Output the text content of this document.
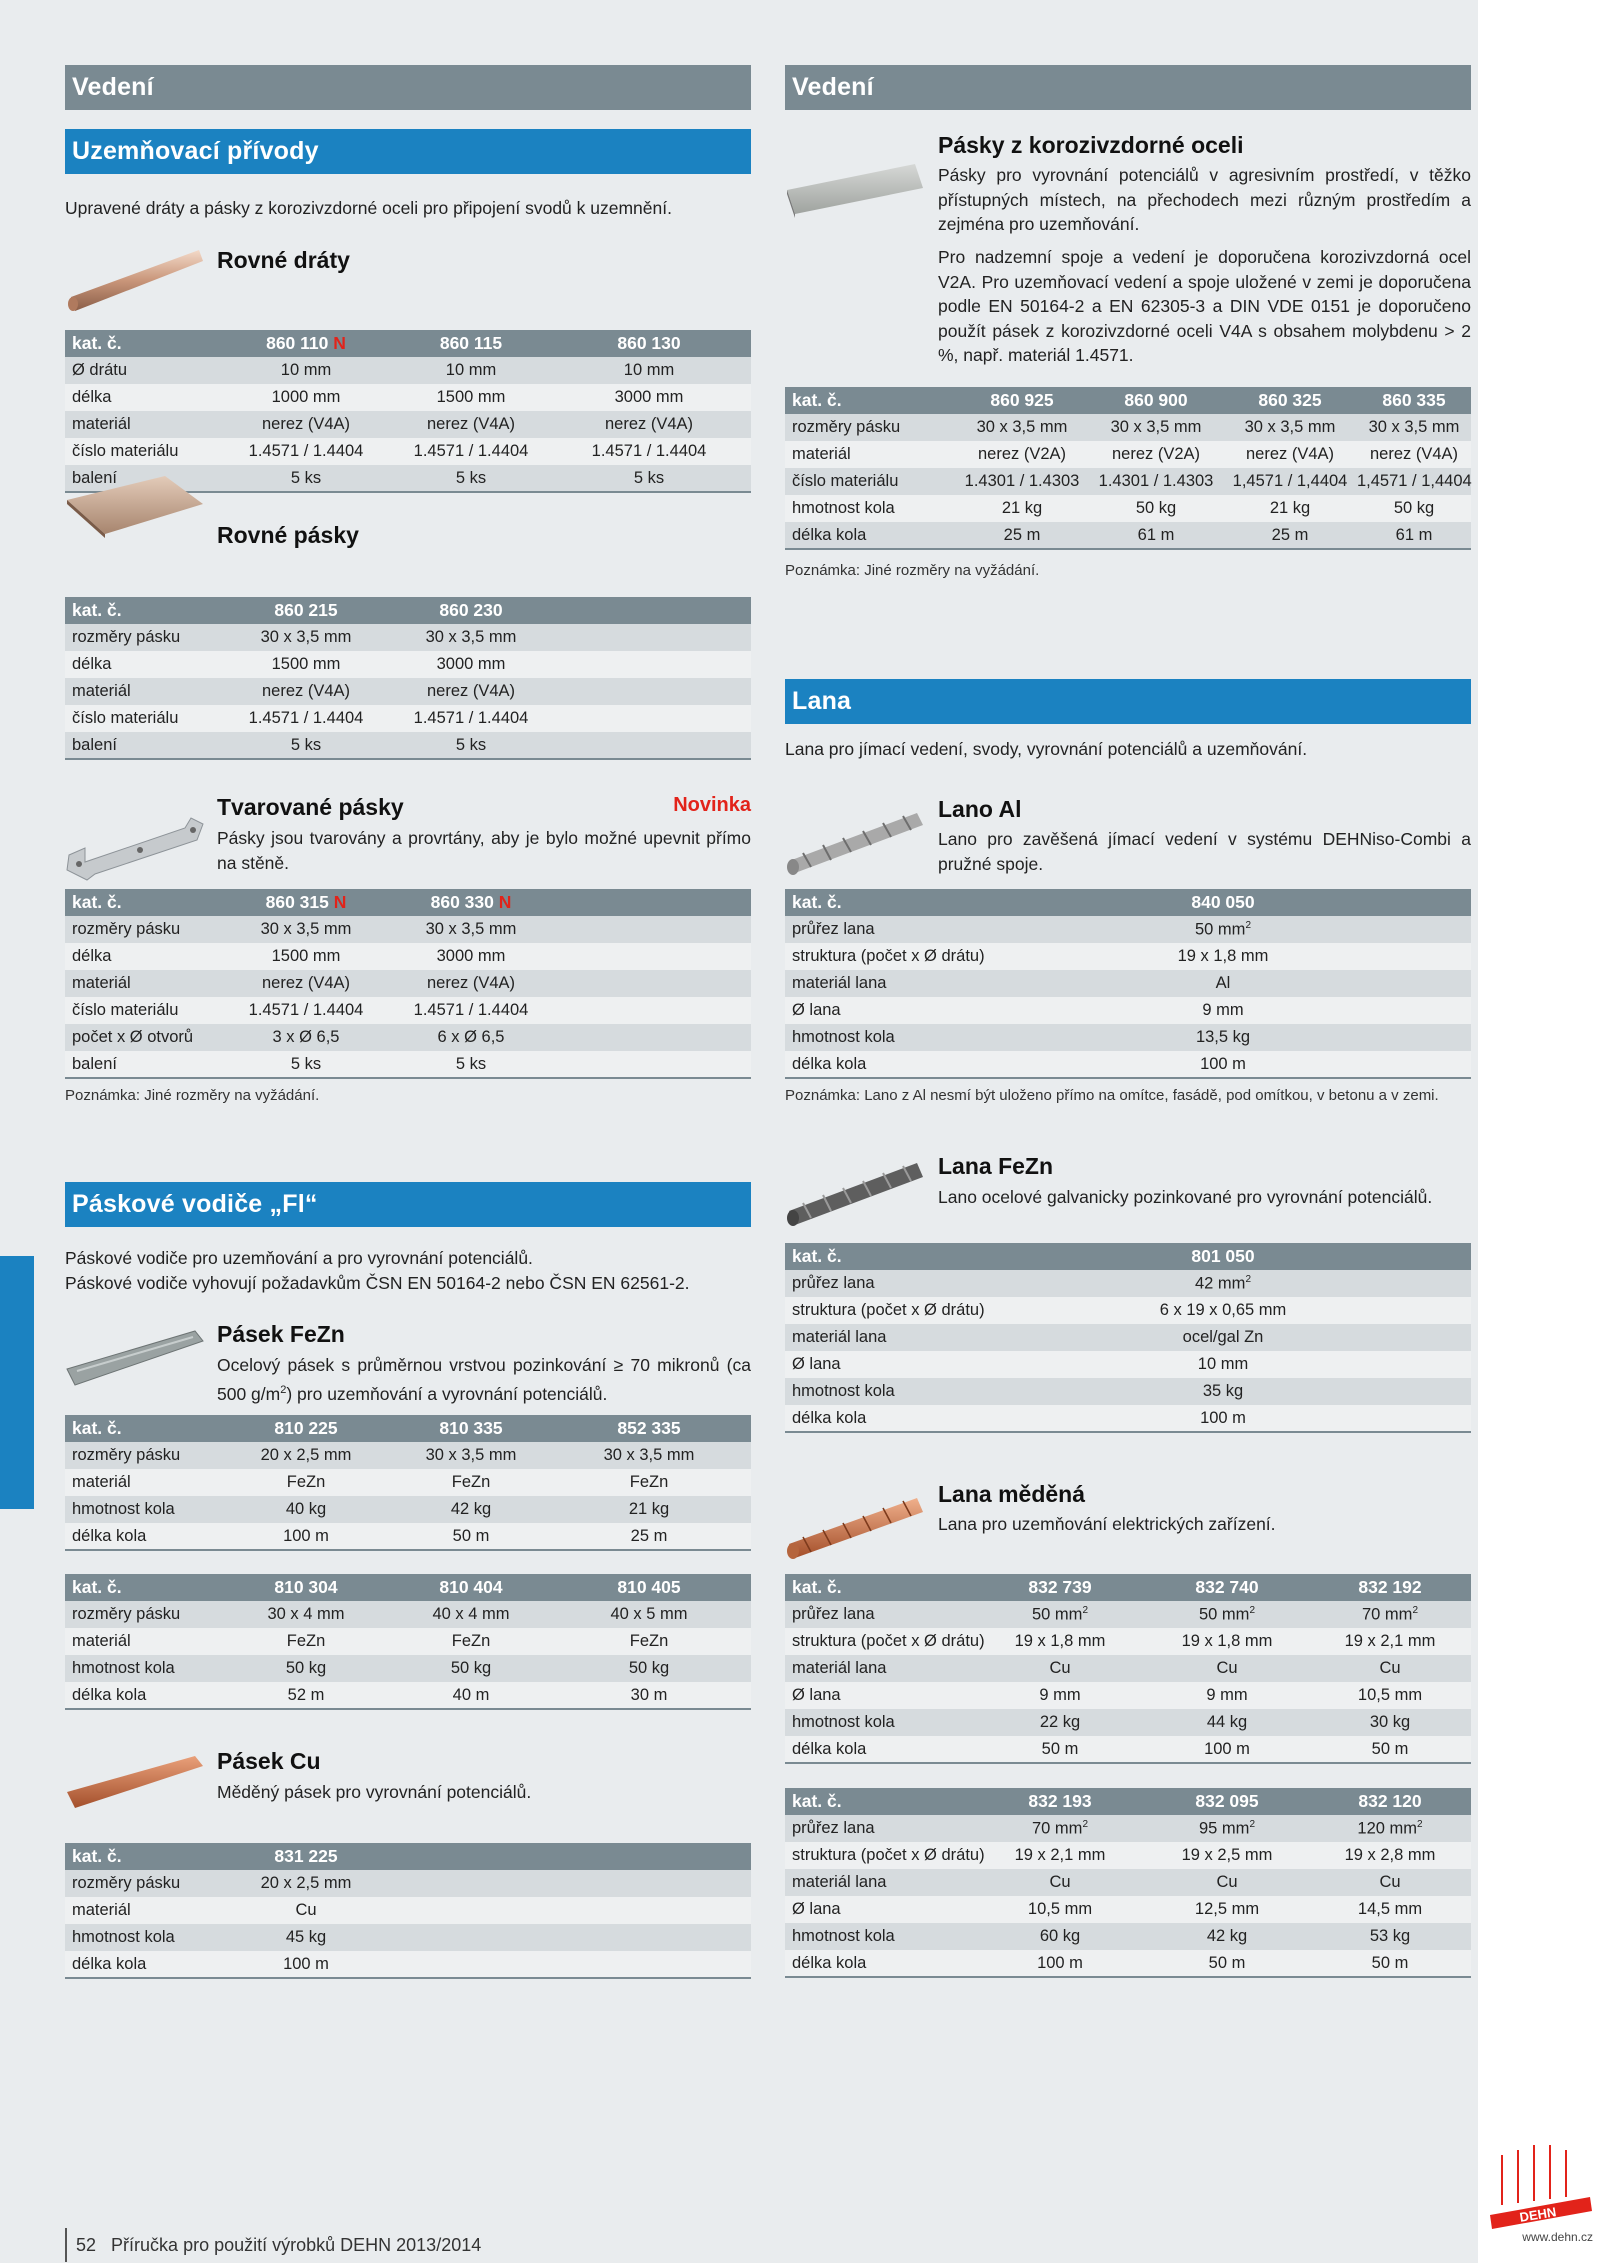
Vedení
Uzemňovací přívody
Upravené dráty a pásky z korozivzdorné oceli pro připojení svodů k uzemnění.
Rovné dráty
kat. č.	860 110 N	860 115	860 130
Ø drátu	10 mm	10 mm	10 mm
délka	1000 mm	1500 mm	3000 mm
materiál	nerez (V4A)	nerez (V4A)	nerez (V4A)
číslo materiálu	1.4571 / 1.4404	1.4571 / 1.4404	1.4571 / 1.4404
balení	5 ks	5 ks	5 ks
Rovné pásky
kat. č.	860 215	860 230	
rozměry pásku	30 x 3,5 mm	30 x 3,5 mm	
délka	1500 mm	3000 mm	
materiál	nerez (V4A)	nerez (V4A)	
číslo materiálu	1.4571 / 1.4404	1.4571 / 1.4404	
balení	5 ks	5 ks	
Tvarované pásky	Novinka
Pásky jsou tvarovány a provrtány, aby je bylo možné upevnit přímo na stěně.
kat. č.	860 315 N	860 330 N	
rozměry pásku	30 x 3,5 mm	30 x 3,5 mm	
délka	1500 mm	3000 mm	
materiál	nerez (V4A)	nerez (V4A)	
číslo materiálu	1.4571 / 1.4404	1.4571 / 1.4404	
počet x Ø otvorů	3 x Ø 6,5	6 x Ø 6,5	
balení	5 ks	5 ks	
Poznámka: Jiné rozměry na vyžádání.
Páskové vodiče „Fl“
Páskové vodiče pro uzemňování a pro vyrovnání potenciálů.
Páskové vodiče vyhovují požadavkům ČSN EN 50164-2 nebo ČSN EN 62561-2.
Pásek FeZn
Ocelový pásek s průměrnou vrstvou pozinkování ≥ 70 mikronů (ca 500 $g/m^2$) pro uzemňování a vyrovnání potenciálů.
kat. č.	810 225	810 335	852 335
rozměry pásku	20 x 2,5 mm	30 x 3,5 mm	30 x 3,5 mm
materiál	FeZn	FeZn	FeZn
hmotnost kola	40 kg	42 kg	21 kg
délka kola	100 m	50 m	25 m
kat. č.	810 304	810 404	810 405
rozměry pásku	30 x 4 mm	40 x 4 mm	40 x 5 mm
materiál	FeZn	FeZn	FeZn
hmotnost kola	50 kg	50 kg	50 kg
délka kola	52 m	40 m	30 m
Pásek Cu
Měděný pásek pro vyrovnání potenciálů.
kat. č.	831 225		
rozměry pásku	20 x 2,5 mm		
materiál	Cu		
hmotnost kola	45 kg		
délka kola	100 m		
Vedení
Pásky z korozivzdorné oceli
Pásky pro vyrovnání potenciálů v agresivním prostředí, v těžko přístupných místech, na přechodech mezi různým prostředím a zejména pro uzemňování.
Pro nadzemní spoje a vedení je doporučena korozivzdorná ocel V2A. Pro uzemňovací vedení a spoje uložené v zemi je doporučena podle EN 50164-2 a EN 62305-3 a DIN VDE 0151 je doporučeno použít pásek z korozivzdorné oceli V4A s obsahem molybdenu > 2 %, např. materiál 1.4571.
kat. č.	860 925	860 900	860 325	860 335
rozměry pásku	30 x 3,5 mm	30 x 3,5 mm	30 x 3,5 mm	30 x 3,5 mm
materiál	nerez (V2A)	nerez (V2A)	nerez (V4A)	nerez (V4A)
číslo materiálu	1.4301 / 1.4303	1.4301 / 1.4303	1,4571 / 1,4404	1,4571 / 1,4404
hmotnost kola	21 kg	50 kg	21 kg	50 kg
délka kola	25 m	61 m	25 m	61 m
Poznámka: Jiné rozměry na vyžádání.
Lana
Lana pro jímací vedení, svody, vyrovnání potenciálů a uzemňování.
Lano Al
Lano pro zavěšená jímací vedení v systému DEHNiso-Combi a pružné spoje.
kat. č.	840 050
průřez lana	50 $mm^2$
struktura (počet x Ø drátu)	19 x 1,8 mm
materiál lana	Al
Ø lana	9 mm
hmotnost kola	13,5 kg
délka kola	100 m
Poznámka: Lano z Al nesmí být uloženo přímo na omítce, fasádě, pod omítkou, v betonu a v zemi.
Lana FeZn
Lano ocelové galvanicky pozinkované pro vyrovnání potenciálů.
kat. č.	801 050
průřez lana	42 $mm^2$
struktura (počet x Ø drátu)	6 x 19 x 0,65 mm
materiál lana	ocel/gal Zn
Ø lana	10 mm
hmotnost kola	35 kg
délka kola	100 m
Lana měděná
Lana pro uzemňování elektrických zařízení.
kat. č.	832 739	832 740	832 192
průřez lana	50 $mm^2$	50 $mm^2$	70 $mm^2$
struktura (počet x Ø drátu)	19 x 1,8 mm	19 x 1,8 mm	19 x 2,1 mm
materiál lana	Cu	Cu	Cu
Ø lana	9 mm	9 mm	10,5 mm
hmotnost kola	22 kg	44 kg	30 kg
délka kola	50 m	100 m	50 m
kat. č.	832 193	832 095	832 120
průřez lana	70 $mm^2$	95 $mm^2$	120 $mm^2$
struktura (počet x Ø drátu)	19 x 2,1 mm	19 x 2,5 mm	19 x 2,8 mm
materiál lana	Cu	Cu	Cu
Ø lana	10,5 mm	12,5 mm	14,5 mm
hmotnost kola	60 kg	42 kg	53 kg
délka kola	100 m	50 m	50 m
52 Příručka pro použití výrobků DEHN 2013/2014
DEHN
www.dehn.cz
